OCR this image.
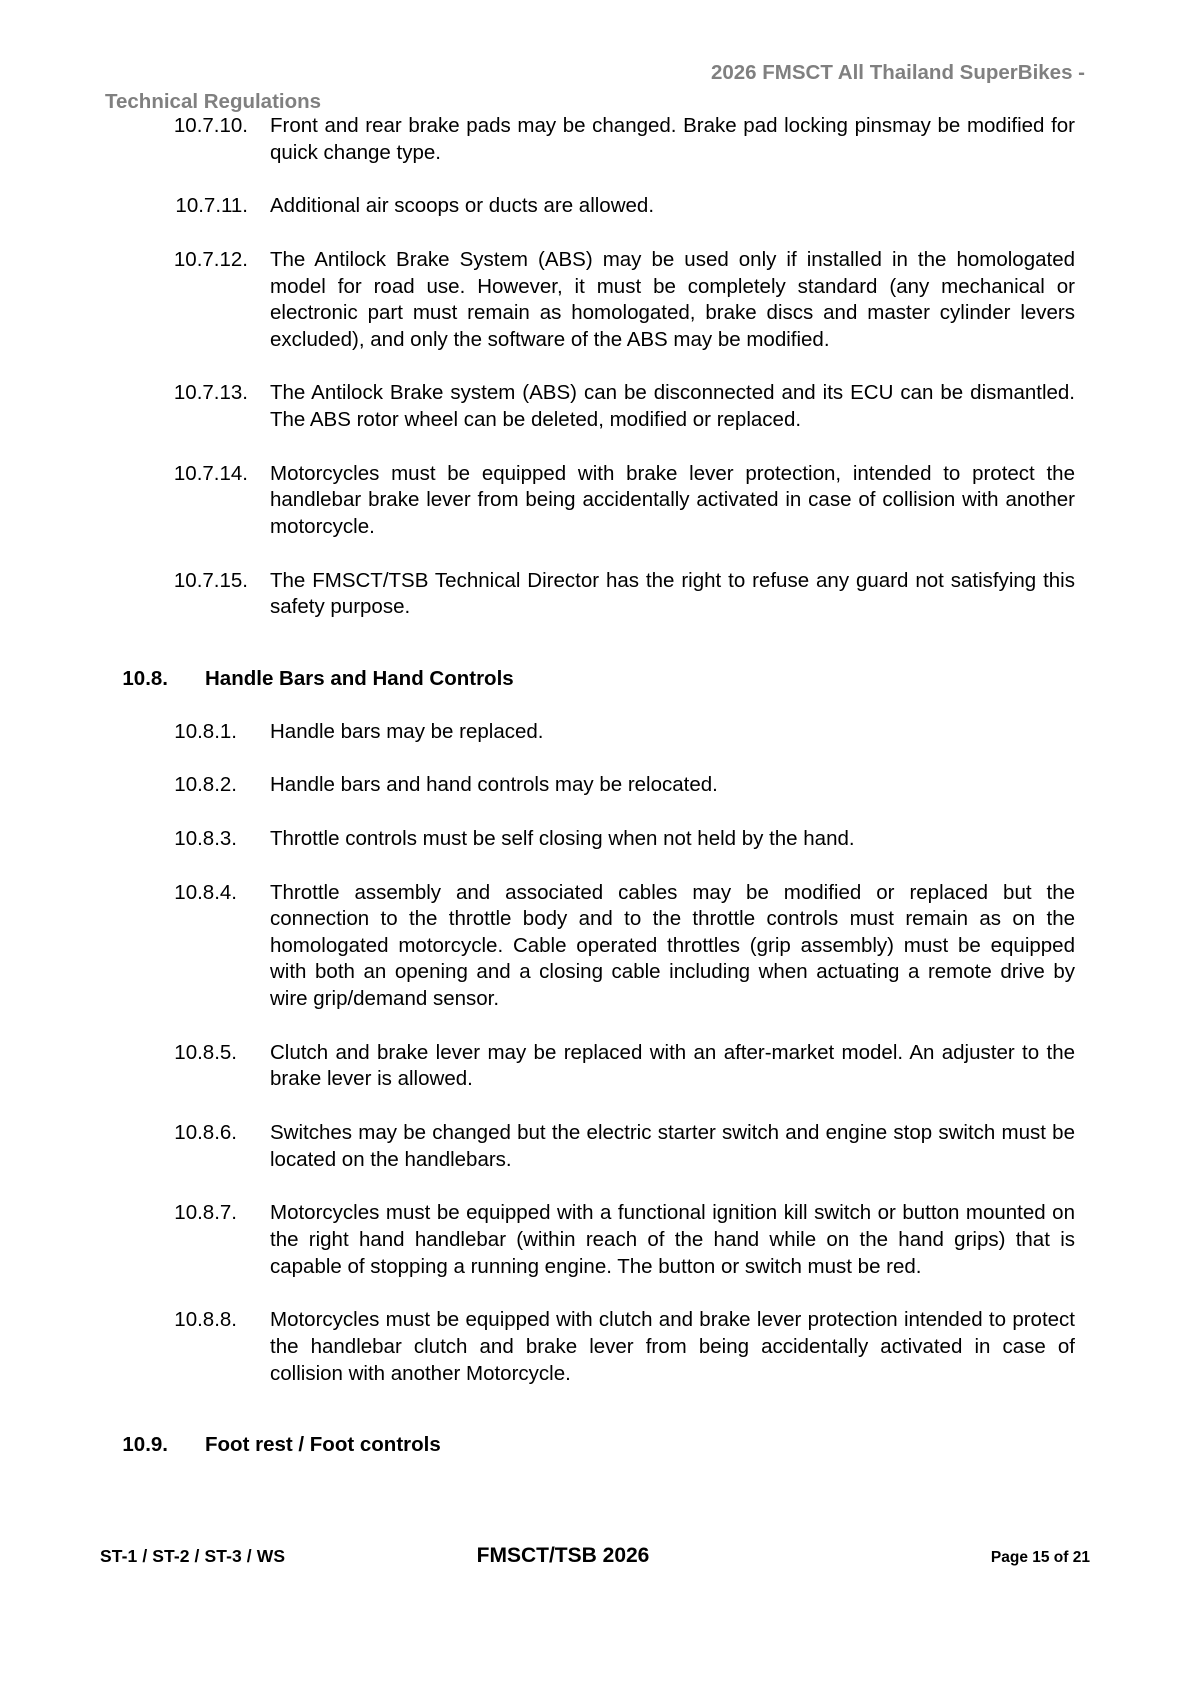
2026 FMSCT All Thailand SuperBikes -
Technical Regulations
10.7.10. Front and rear brake pads may be changed. Brake pad locking pinsmay be modified for quick change type.
10.7.11. Additional air scoops or ducts are allowed.
10.7.12. The Antilock Brake System (ABS) may be used only if installed in the homologated model for road use. However, it must be completely standard (any mechanical or electronic part must remain as homologated, brake discs and master cylinder levers excluded), and only the software of the ABS may be modified.
10.7.13. The Antilock Brake system (ABS) can be disconnected and its ECU can be dismantled. The ABS rotor wheel can be deleted, modified or replaced.
10.7.14. Motorcycles must be equipped with brake lever protection, intended to protect the handlebar brake lever from being accidentally activated in case of collision with another motorcycle.
10.7.15. The FMSCT/TSB Technical Director has the right to refuse any guard not satisfying this safety purpose.
10.8. Handle Bars and Hand Controls
10.8.1. Handle bars may be replaced.
10.8.2. Handle bars and hand controls may be relocated.
10.8.3. Throttle controls must be self closing when not held by the hand.
10.8.4. Throttle assembly and associated cables may be modified or replaced but the connection to the throttle body and to the throttle controls must remain as on the homologated motorcycle. Cable operated throttles (grip assembly) must be equipped with both an opening and a closing cable including when actuating a remote drive by wire grip/demand sensor.
10.8.5. Clutch and brake lever may be replaced with an after-market model. An adjuster to the brake lever is allowed.
10.8.6. Switches may be changed but the electric starter switch and engine stop switch must be located on the handlebars.
10.8.7. Motorcycles must be equipped with a functional ignition kill switch or button mounted on the right hand handlebar (within reach of the hand while on the hand grips) that is capable of stopping a running engine. The button or switch must be red.
10.8.8. Motorcycles must be equipped with clutch and brake lever protection intended to protect the handlebar clutch and brake lever from being accidentally activated in case of collision with another Motorcycle.
10.9. Foot rest / Foot controls
ST-1 / ST-2 / ST-3 / WS	FMSCT/TSB 2026	Page 15 of 21
